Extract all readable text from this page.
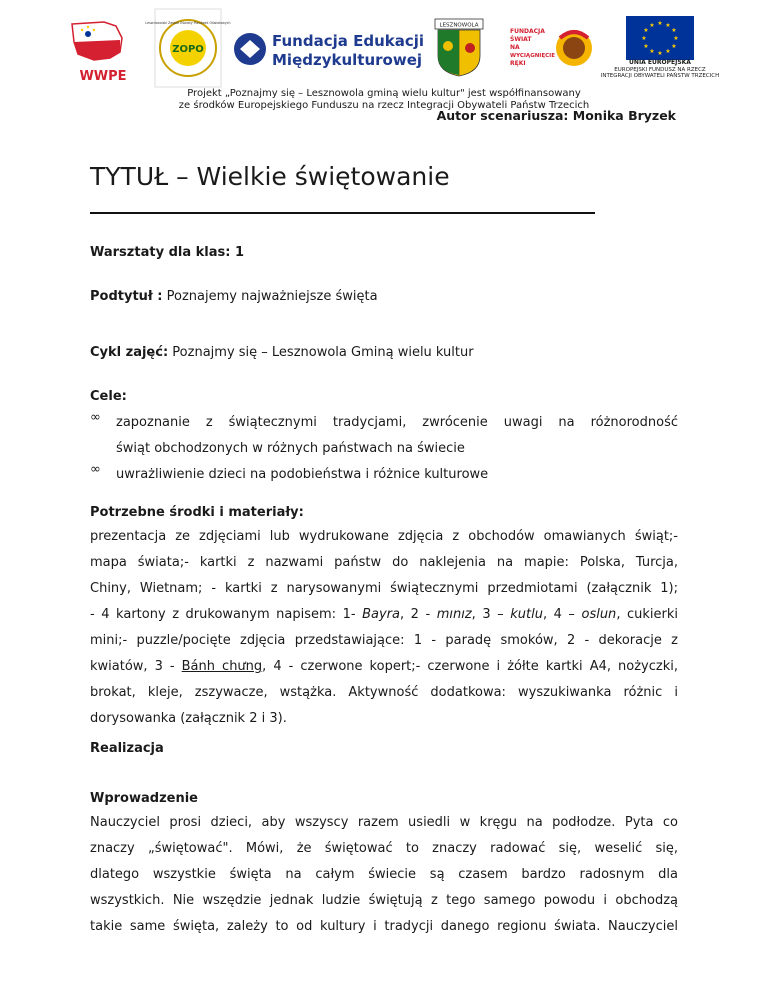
WWPE
Leszniowolski Zespół Oświaty Placówek Oświatowych
ZOPO	Fundacja Edukacji
Międzykulturowej
LESZNOWOLA
FUNDACJA
ŚWIAT
NA
WYCIĄGNIĘCIE
RĘKI
★ ★
★
★
★
★
★
★
★
★
★
★
UNIA EUROPEJSKA
EUROPEJSKI FUNDUSZ NA RZECZ
INTEGRACJI OBYWATELI PAŃSTW TRZECICH
Projekt „Poznajmy się – Lesznowola gminą wielu kultur" jest współfinansowany
ze środków Europejskiego Funduszu na rzecz Integracji Obywateli Państw Trzecich
Autor scenariusza: Monika Bryzek
TYTUŁ – Wielkie świętowanie
Warsztaty dla klas: 1
Podtytuł : Poznajemy najważniejsze święta
Cykl zajęć: Poznajmy się – Lesznowola Gminą wielu kultur
Cele:
∞ zapoznanie z świątecznymi tradycjami, zwrócenie uwagi na różnorodność
świąt obchodzonych w różnych państwach na świecie
∞ uwrażliwienie dzieci na podobieństwa i różnice kulturowe
Potrzebne środki i materiały:
prezentacja ze zdjęciami lub wydrukowane zdjęcia z obchodów omawianych świąt;-
mapa świata;- kartki z nazwami państw do naklejenia na mapie: Polska, Turcja,
Chiny, Wietnam; - kartki z narysowanymi świątecznymi przedmiotami (załącznik 1);
- 4 kartony z drukowanym napisem: 1- Bayra, 2 - mınız, 3 – kutlu, 4 – oslun, cukierki
mini;- puzzle/pocięte zdjęcia przedstawiające: 1 - paradę smoków, 2 - dekoracje z
kwiatów, 3 - Bánh chưng, 4 - czerwone kopert;- czerwone i żółte kartki A4, nożyczki,
brokat, kleje, zszywacze, wstążka. Aktywność dodatkowa: wyszukiwanka różnic i
dorysowanka (załącznik 2 i 3).
Realizacja
Wprowadzenie
Nauczyciel prosi dzieci, aby wszyscy razem usiedli w kręgu na podłodze. Pyta co
znaczy „świętować". Mówi, że świętować to znaczy radować się, weselić się,
dlatego wszystkie święta na całym świecie są czasem bardzo radosnym dla
wszystkich. Nie wszędzie jednak ludzie świętują z tego samego powodu i obchodzą
takie same święta, zależy to od kultury i tradycji danego regionu świata. Nauczyciel
